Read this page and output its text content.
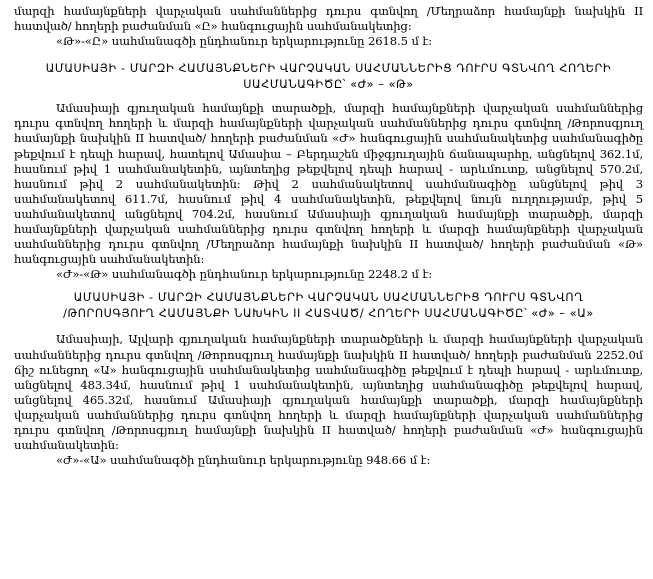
մարզի համայնքների վարչական սահմաններից դուրս գտնվող /Մեղրաձոր համայնքի նախկին II հատված/ հողերի բաժանման «Ը» հանգուցային սահմանակետից:

«Թ»-«Ը» սահմանագծի ընդհանուր երկարությունը 2618.5 մ է:

ԱՄԱՍԻԱՅԻ - ՄԱՐԶԻ ՀԱՄԱՅՆՔՆԵՐԻ ՎԱՐՉԱԿԱՆ ՍԱՀՄԱՆՆԵՐԻՑ ԴՈՒՐՍ ԳՏՆՎՈՂ ՀՈՂԵՐԻ

ՍԱՀՄԱՆԱԳԻԾԸ՝ «Ժ» – «Թ»

Ամասիայի գյուղական համայնքի տարածքի, մարզի համայնքների վարչական սահմաններից դուրս գտնվող հողերի և մարզի համայնքների վարչական սահմաններից դուրս գտնվող /Թորոսգյուղ համայնքի նախկին II հատված/ հողերի բաժանման «Ժ» հանգուցային սահմանակետից սահմանագիծը թեքվում է դեպի հարավ, հատելով Ամասիա – Բերդաշեն միջգյուղային ճանապարհը, անցնելով 362.1մ, հասնում թիվ 1 սահմանակետին, այնտեղից թեքվելով դեպի հարավ - արևմուտք, անցնելով 570.2մ, հասնում թիվ 2 սահմանակետին: Թիվ 2 սահմանակետով սահմանագիծը անցնելով թիվ 3 սահմանակետով 611.7մ, հասնում թիվ 4 սահմանակետին, թեքվելով նույն ուղղությամբ, թիվ 5 սահմանակետով անցնելով 704.2մ, հասնում Ամասիայի գյուղական համայնքի տարածքի, մարզի համայնքների վարչական սահմաններից դուրս գտնվող հողերի և մարզի համայնքների վարչական սահմաններից դուրս գտնվող /Մեղրաձոր համայնքի նախկին II հատված/ հողերի բաժանման «Թ» հանգուցային սահմանակետին:

«Ժ»-«Թ» սահմանագծի ընդհանուր երկարությունը 2248.2 մ է:

ԱՄԱՍԻԱՅԻ - ՄԱՐԶԻ ՀԱՄԱՅՆՔՆԵՐԻ ՎԱՐՉԱԿԱՆ ՍԱՀՄԱՆՆԵՐԻՑ ԴՈՒՐՍ ԳՏՆՎՈՂ

/ԹՈՐՈՍԳՅՈՒՂ ՀԱՄԱՅՆՔԻ ՆԱԽԿԻՆ II ՀԱՏՎԱԾ/ ՀՈՂԵՐԻ ՍԱՀՄԱՆԱԳԻԾԸ՝ «Ժ» – «Ա»

Ամասիայի, Ալվարի գյուղական համայնքների տարածքների և մարզի համայնքների վարչական սահմաններից դուրս գտնվող /Թորոսգյուղ համայնքի նախկին II հատված/ հողերի բաժանման 2252.0մ ճիշ ունեցող «Ա» հանգուցային սահմանակետից սահմանագիծը թեքվում է դեպի հարավ - արևմուտք, անցնելով 483.34մ, հասնում թիվ 1 սահմանակետին, այնտեղից սահմանագիծը թեքվելով հարավ, անցնելով 465.32մ, հասնում Ամասիայի գյուղական համայնքի տարածքի, մարզի համայնքների վարչական սահմաններից դուրս գտնվող հողերի և մարզի համայնքների վարչական սահմաններից դուրս գտնվող /Թորոսգյուղ համայնքի նախկին II հատված/ հողերի բաժանման «Ժ» հանգուցային սահմանակետին:

«Ժ»-«Ա» սահմանագծի ընդհանուր երկարությունը 948.66 մ է:
